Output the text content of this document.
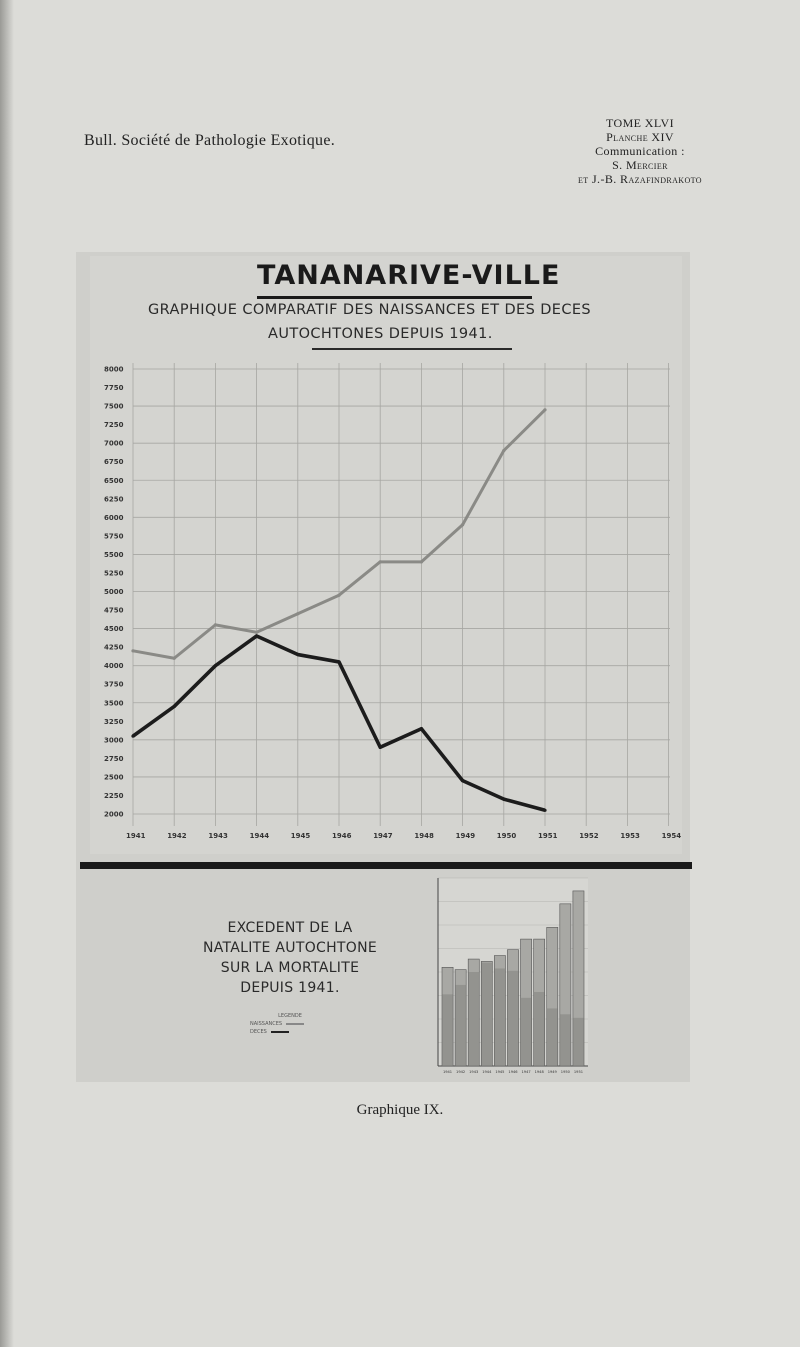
Bull. Société de Pathologie Exotique.
TOME XLVI
Planche XIV
Communication :
S. Mercier
et J.-B. Razafindrakoto
TANANARIVE-VILLE
GRAPHIQUE COMPARATIF DES NAISSANCES ET DES DECES
AUTOCHTONES DEPUIS 1941.
8000
7750
7500
7250
7000
6750
6500
6250
6000
5750
5500
5250
5000
4750
4500
4250
4000
3750
3500
3250
3000
2750
2500
2250
2000
1941	1942	1943	1944	1945	1946	1947	1948	1949	1950	1951	1952	1953	1954
EXCEDENT DE LA
NATALITE AUTOCHTONE
SUR LA MORTALITE
DEPUIS 1941.
LEGENDE
NAISSANCES
DECES
1941 1942 1943 1944 1945 1946 1947 1948 1949 1950 1951
Graphique IX.
